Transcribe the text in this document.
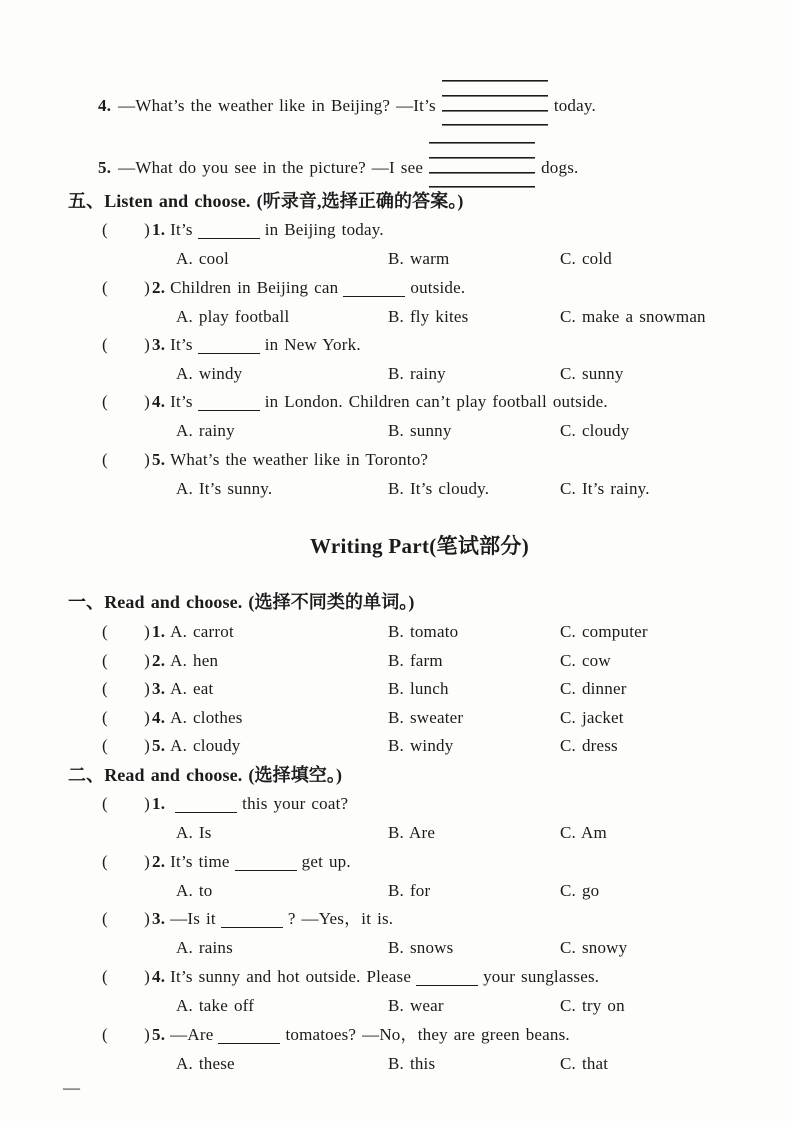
4. —What’s the weather like in Beijing? —It’s	today.
5. —What do you see in the picture? —I see	dogs.
五、Listen and choose. (听录音,选择正确的答案。)
( ) 1. It’s	in Beijing today.
A. cool	B. warm	C. cold
( ) 2. Children in Beijing can	outside.
A. play football	B. fly kites	C. make a snowman
( ) 3. It’s	in New York.
A. windy	B. rainy	C. sunny
( ) 4. It’s	in London. Children can’t play football outside.
A. rainy	B. sunny	C. cloudy
( ) 5. What’s the weather like in Toronto?
A. It’s sunny.	B. It’s cloudy.	C. It’s rainy.
Writing Part(笔试部分)
一、Read and choose. (选择不同类的单词。)
( ) 1. A. carrot	B. tomato	C. computer
( ) 2. A. hen	B. farm	C. cow
( ) 3. A. eat	B. lunch	C. dinner
( ) 4. A. clothes	B. sweater	C. jacket
( ) 5. A. cloudy	B. windy	C. dress
二、Read and choose. (选择填空。)
( ) 1.	this your coat?
A. Is	B. Are	C. Am
( ) 2. It’s time	get up.
A. to	B. for	C. go
( ) 3. —Is it	? —Yes，it is.
A. rains	B. snows	C. snowy
( ) 4. It’s sunny and hot outside. Please	your sunglasses.
A. take off	B. wear	C. try on
( ) 5. —Are	tomatoes? —No，they are green beans.
A. these	B. this	C. that
—
